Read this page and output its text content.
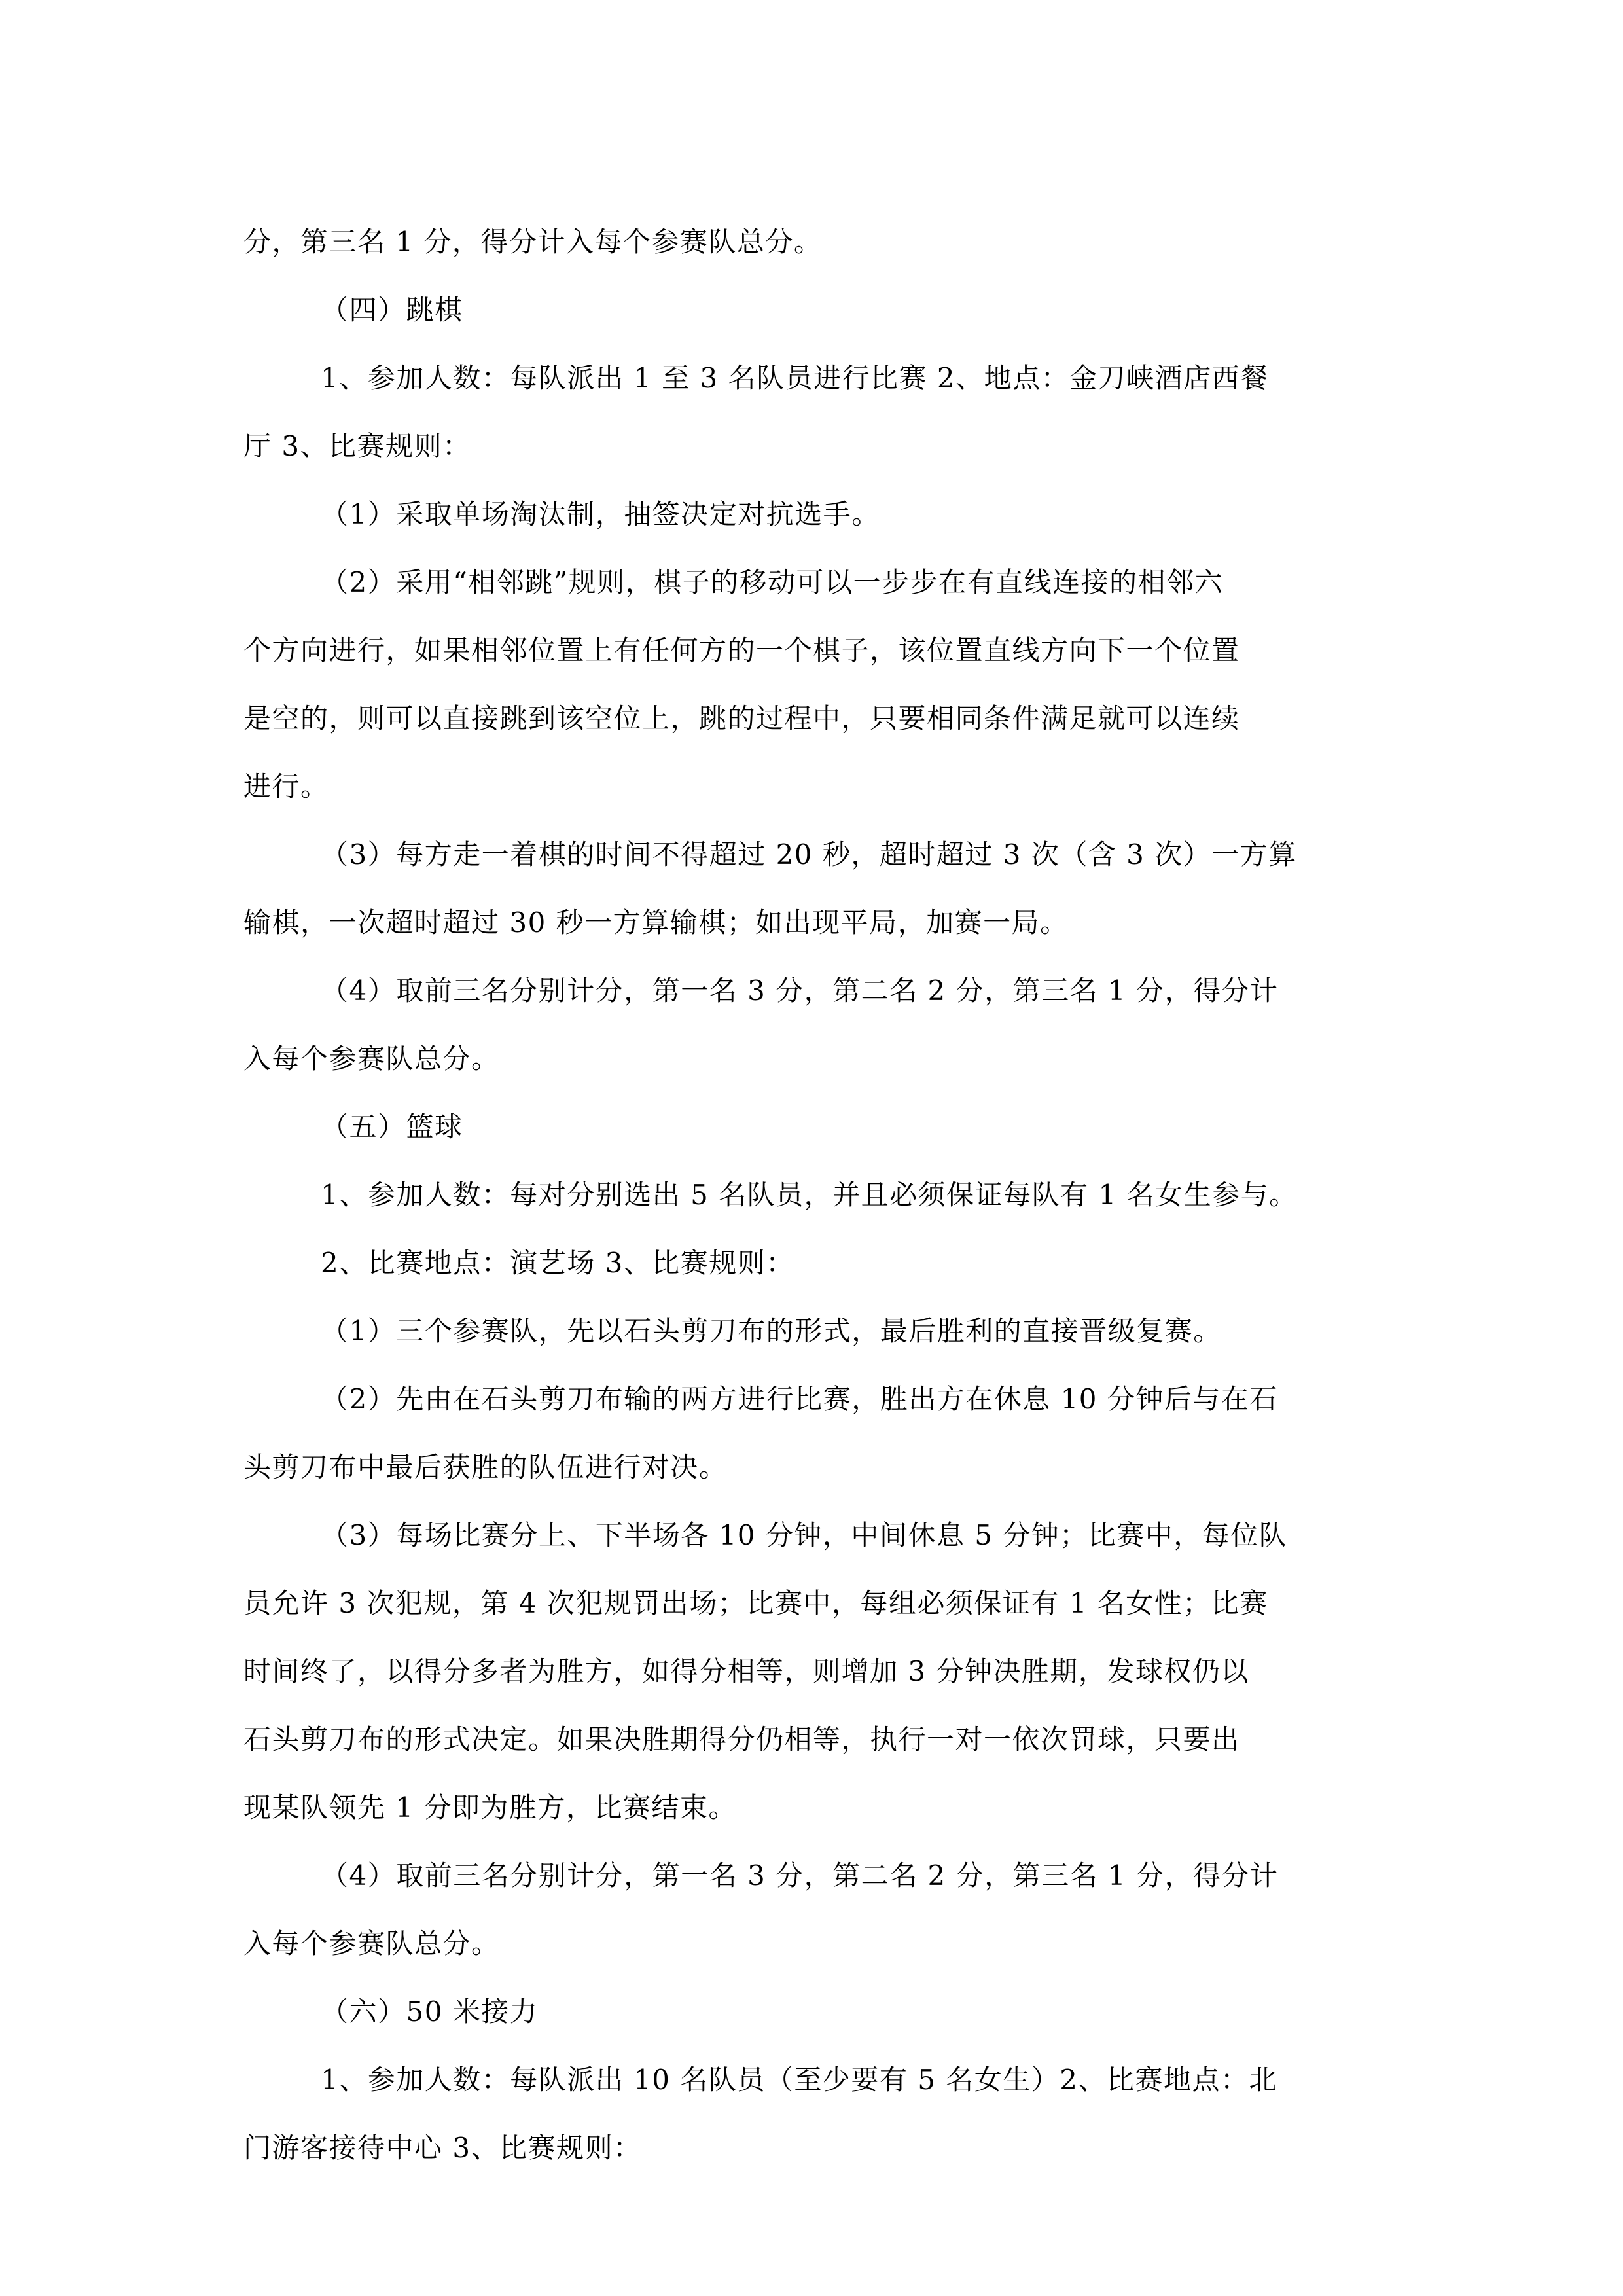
分，第三名 1 分，得分计入每个参赛队总分。
（四）跳棋
1、参加人数：每队派出 1 至 3 名队员进行比赛 2、地点：金刀峡酒店西餐
厅 3、比赛规则：
（1）采取单场淘汰制，抽签决定对抗选手。
（2）采用“相邻跳”规则，棋子的移动可以一步步在有直线连接的相邻六
个方向进行，如果相邻位置上有任何方的一个棋子，该位置直线方向下一个位置
是空的，则可以直接跳到该空位上，跳的过程中，只要相同条件满足就可以连续
进行。
（3）每方走一着棋的时间不得超过 20 秒，超时超过 3 次（含 3 次）一方算
输棋，一次超时超过 30 秒一方算输棋；如出现平局，加赛一局。
（4）取前三名分别计分，第一名 3 分，第二名 2 分，第三名 1 分，得分计
入每个参赛队总分。
（五）篮球
1、参加人数：每对分别选出 5 名队员，并且必须保证每队有 1 名女生参与。
2、比赛地点：演艺场 3、比赛规则：
（1）三个参赛队，先以石头剪刀布的形式，最后胜利的直接晋级复赛。
（2）先由在石头剪刀布输的两方进行比赛，胜出方在休息 10 分钟后与在石
头剪刀布中最后获胜的队伍进行对决。
（3）每场比赛分上、下半场各 10 分钟，中间休息 5 分钟；比赛中，每位队
员允许 3 次犯规，第 4 次犯规罚出场；比赛中，每组必须保证有 1 名女性；比赛
时间终了，以得分多者为胜方，如得分相等，则增加 3 分钟决胜期，发球权仍以
石头剪刀布的形式决定。如果决胜期得分仍相等，执行一对一依次罚球，只要出
现某队领先 1 分即为胜方，比赛结束。
（4）取前三名分别计分，第一名 3 分，第二名 2 分，第三名 1 分，得分计
入每个参赛队总分。
（六）50 米接力
1、参加人数：每队派出 10 名队员（至少要有 5 名女生）2、比赛地点：北
门游客接待中心 3、比赛规则：
